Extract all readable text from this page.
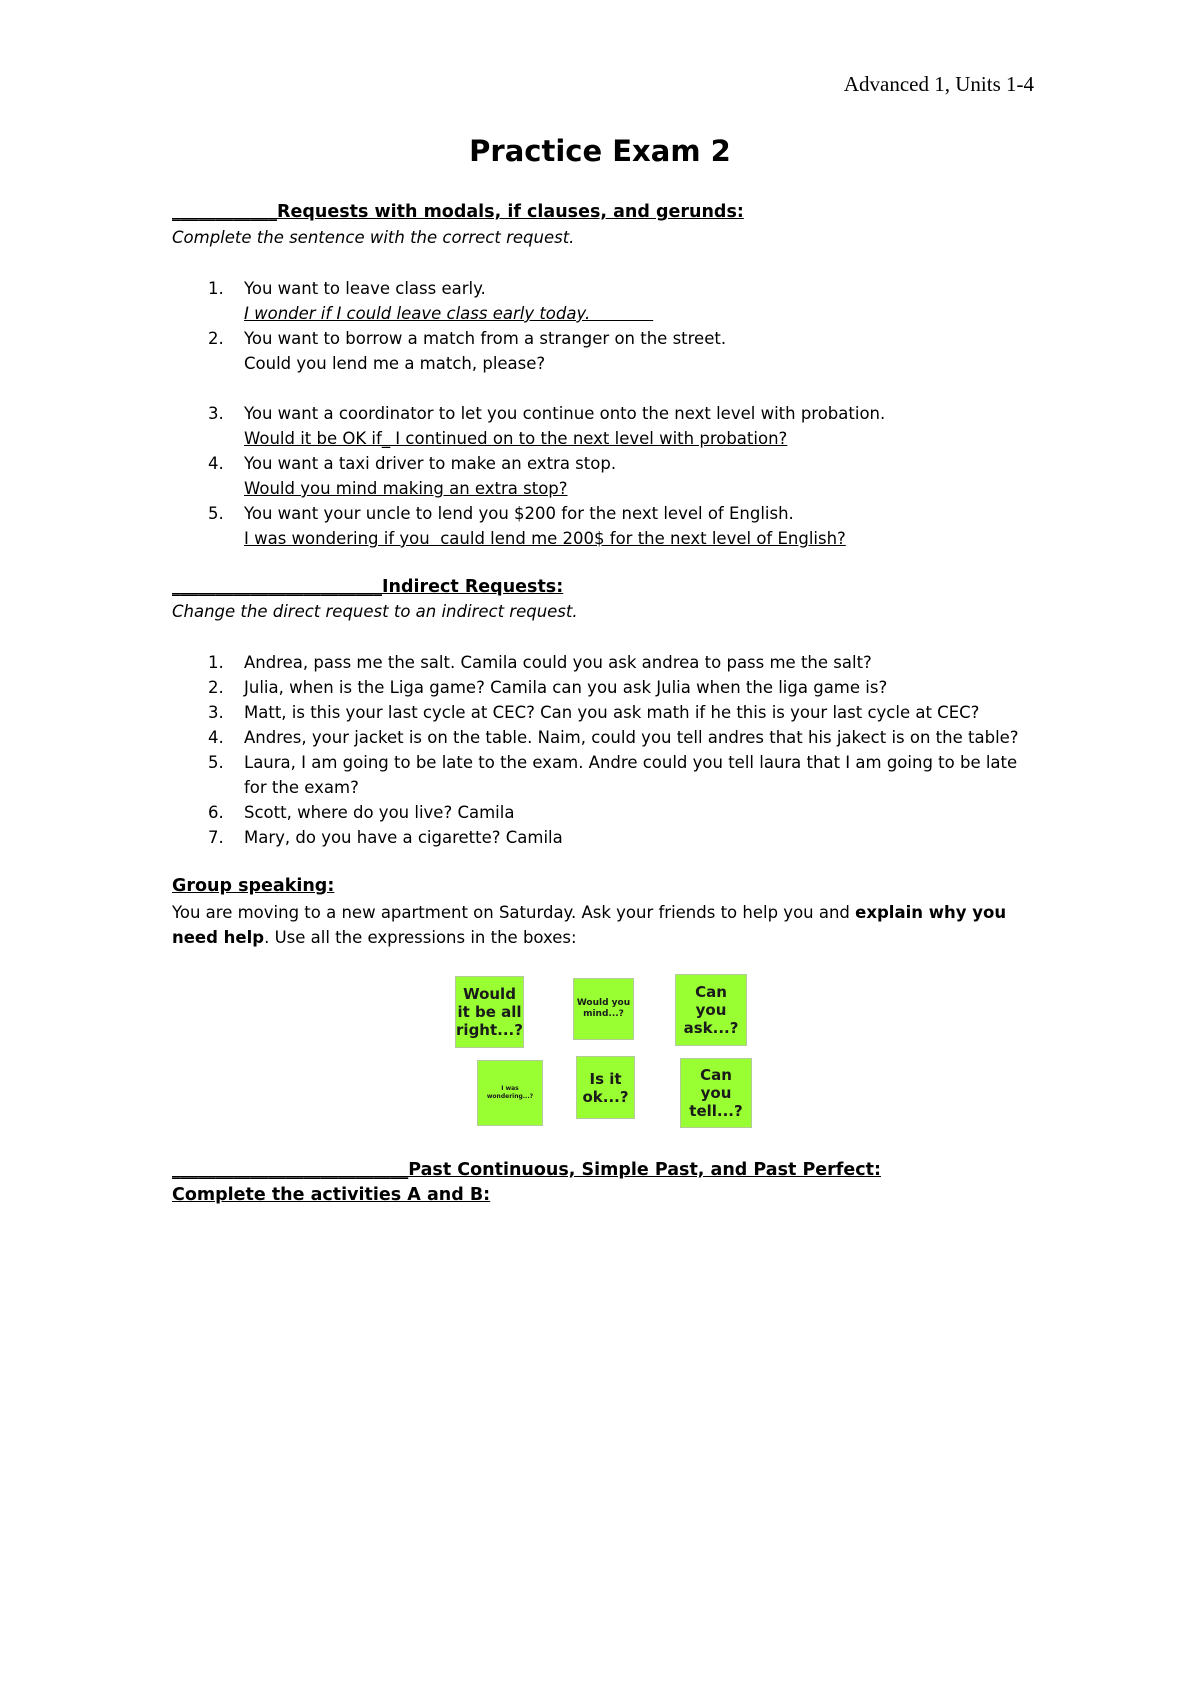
Advanced 1, Units 1-4
Practice Exam 2
____________Requests with modals, if clauses, and gerunds:
Complete the sentence with the correct request.
1. You want to leave class early.
I wonder if I could leave class early today.
2. You want to borrow a match from a stranger on the street.
Could you lend me a match, please?
3. You want a coordinator to let you continue onto the next level with probation.
Would it be OK if_ I continued on to the next level with probation?
4. You want a taxi driver to make an extra stop.
Would you mind making an extra stop?
5. You want your uncle to lend you $200 for the next level of English.
I was wondering if you  cauld lend me 200$ for the next level of English?
________________________Indirect Requests:
Change the direct request to an indirect request.
1. Andrea, pass me the salt. Camila could you ask andrea to pass me the salt?
2. Julia, when is the Liga game? Camila can you ask Julia when the liga game is?
3. Matt, is this your last cycle at CEC? Can you ask math if he this is your last cycle at CEC?
4. Andres, your jacket is on the table. Naim, could you tell andres that his jakect is on the table?
5. Laura, I am going to be late to the exam. Andre could you tell laura that I am going to be late for the exam?
6. Scott, where do you live? Camila
7. Mary, do you have a cigarette? Camila
Group speaking:
You are moving to a new apartment on Saturday. Ask your friends to help you and explain why you need help. Use all the expressions in the boxes:
Would it be all right...?
Would you mind...?
Can you ask...?
I was wondering...?
Is it ok...?
Can you tell...?
___________________________Past Continuous, Simple Past, and Past Perfect:
Complete the activities A and B:
